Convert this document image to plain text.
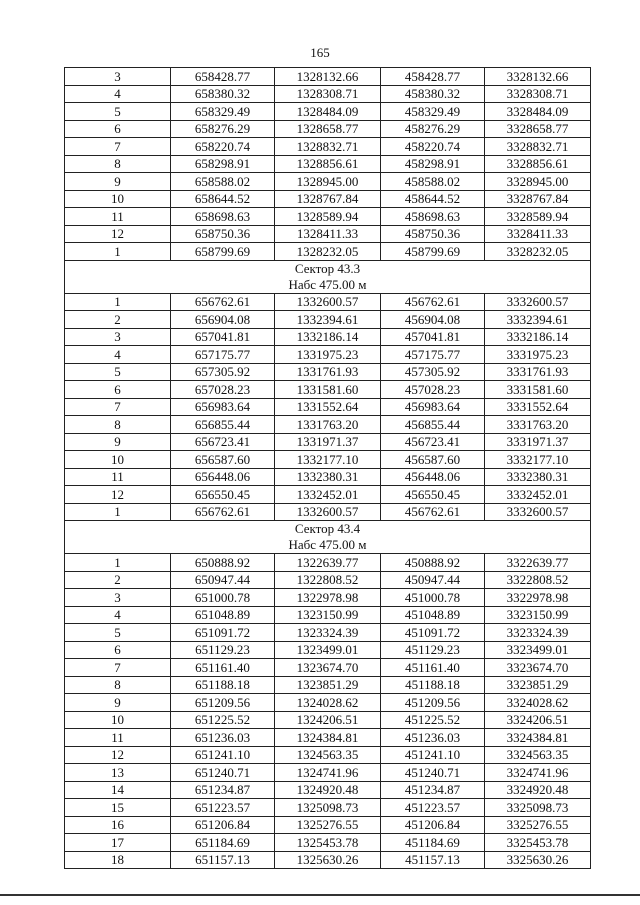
165
3	658428.77	1328132.66	458428.77	3328132.66
4	658380.32	1328308.71	458380.32	3328308.71
5	658329.49	1328484.09	458329.49	3328484.09
6	658276.29	1328658.77	458276.29	3328658.77
7	658220.74	1328832.71	458220.74	3328832.71
8	658298.91	1328856.61	458298.91	3328856.61
9	658588.02	1328945.00	458588.02	3328945.00
10	658644.52	1328767.84	458644.52	3328767.84
11	658698.63	1328589.94	458698.63	3328589.94
12	658750.36	1328411.33	458750.36	3328411.33
1	658799.69	1328232.05	458799.69	3328232.05

Сектор 43.3
Набс 475.00 м				

1	656762.61	1332600.57	456762.61	3332600.57
2	656904.08	1332394.61	456904.08	3332394.61
3	657041.81	1332186.14	457041.81	3332186.14
4	657175.77	1331975.23	457175.77	3331975.23
5	657305.92	1331761.93	457305.92	3331761.93
6	657028.23	1331581.60	457028.23	3331581.60
7	656983.64	1331552.64	456983.64	3331552.64
8	656855.44	1331763.20	456855.44	3331763.20
9	656723.41	1331971.37	456723.41	3331971.37
10	656587.60	1332177.10	456587.60	3332177.10
11	656448.06	1332380.31	456448.06	3332380.31
12	656550.45	1332452.01	456550.45	3332452.01
1	656762.61	1332600.57	456762.61	3332600.57

Сектор 43.4
Набс 475.00 м				

1	650888.92	1322639.77	450888.92	3322639.77
2	650947.44	1322808.52	450947.44	3322808.52
3	651000.78	1322978.98	451000.78	3322978.98
4	651048.89	1323150.99	451048.89	3323150.99
5	651091.72	1323324.39	451091.72	3323324.39
6	651129.23	1323499.01	451129.23	3323499.01
7	651161.40	1323674.70	451161.40	3323674.70
8	651188.18	1323851.29	451188.18	3323851.29
9	651209.56	1324028.62	451209.56	3324028.62
10	651225.52	1324206.51	451225.52	3324206.51
11	651236.03	1324384.81	451236.03	3324384.81
12	651241.10	1324563.35	451241.10	3324563.35
13	651240.71	1324741.96	451240.71	3324741.96
14	651234.87	1324920.48	451234.87	3324920.48
15	651223.57	1325098.73	451223.57	3325098.73
16	651206.84	1325276.55	451206.84	3325276.55
17	651184.69	1325453.78	451184.69	3325453.78
18	651157.13	1325630.26	451157.13	3325630.26
